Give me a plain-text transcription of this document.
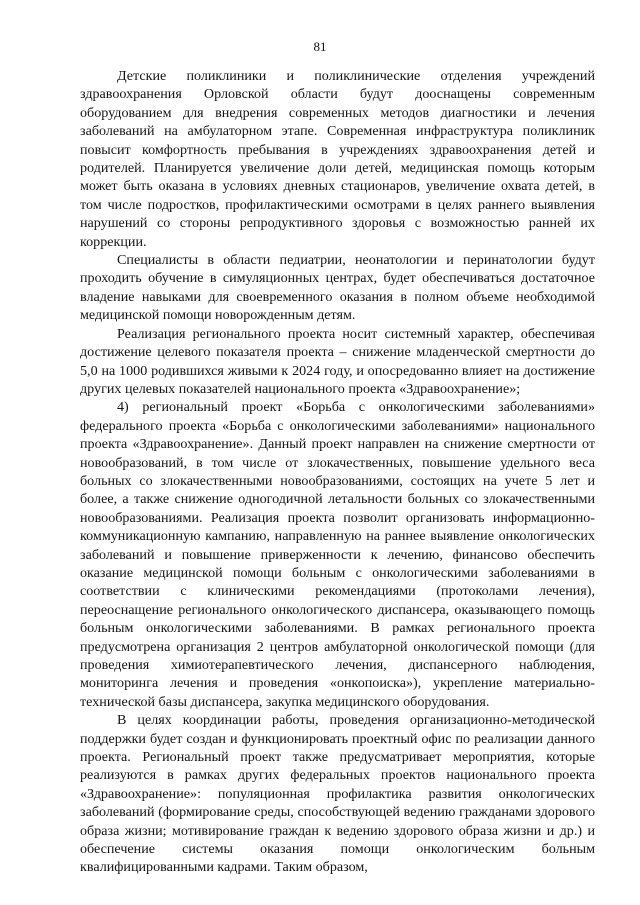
81

Детские поликлиники и поликлинические отделения учреждений здравоохранения Орловской области будут дооснащены современным оборудованием для внедрения современных методов диагностики и лечения заболеваний на амбулаторном этапе. Современная инфраструктура поликлиник повысит комфортность пребывания в учреждениях здравоохранения детей и родителей. Планируется увеличение доли детей, медицинская помощь которым может быть оказана в условиях дневных стационаров, увеличение охвата детей, в том числе подростков, профилактическими осмотрами в целях раннего выявления нарушений со стороны репродуктивного здоровья с возможностью ранней их коррекции.

Специалисты в области педиатрии, неонатологии и перинатологии будут проходить обучение в симуляционных центрах, будет обеспечиваться достаточное владение навыками для своевременного оказания в полном объеме необходимой медицинской помощи новорожденным детям.

Реализация регионального проекта носит системный характер, обеспечивая достижение целевого показателя проекта – снижение младенческой смертности до 5,0 на 1000 родившихся живыми к 2024 году, и опосредованно влияет на достижение других целевых показателей национального проекта «Здравоохранение»;

4) региональный проект «Борьба с онкологическими заболеваниями» федерального проекта «Борьба с онкологическими заболеваниями» национального проекта «Здравоохранение». Данный проект направлен на снижение смертности от новообразований, в том числе от злокачественных, повышение удельного веса больных со злокачественными новообразованиями, состоящих на учете 5 лет и более, а также снижение одногодичной летальности больных со злокачественными новообразованиями. Реализация проекта позволит организовать информационно-коммуникационную кампанию, направленную на раннее выявление онкологических заболеваний и повышение приверженности к лечению, финансово обеспечить оказание медицинской помощи больным с онкологическими заболеваниями в соответствии с клиническими рекомендациями (протоколами лечения), переоснащение регионального онкологического диспансера, оказывающего помощь больным онкологическими заболеваниями. В рамках регионального проекта предусмотрена организация 2 центров амбулаторной онкологической помощи (для проведения химиотерапевтического лечения, диспансерного наблюдения, мониторинга лечения и проведения «онкопоиска»), укрепление материально-технической базы диспансера, закупка медицинского оборудования.

В целях координации работы, проведения организационно-методической поддержки будет создан и функционировать проектный офис по реализации данного проекта. Региональный проект также предусматривает мероприятия, которые реализуются в рамках других федеральных проектов национального проекта «Здравоохранение»: популяционная профилактика развития онкологических заболеваний (формирование среды, способствующей ведению гражданами здорового образа жизни; мотивирование граждан к ведению здорового образа жизни и др.) и обеспечение системы оказания помощи онкологическим больным квалифицированными кадрами. Таким образом,
